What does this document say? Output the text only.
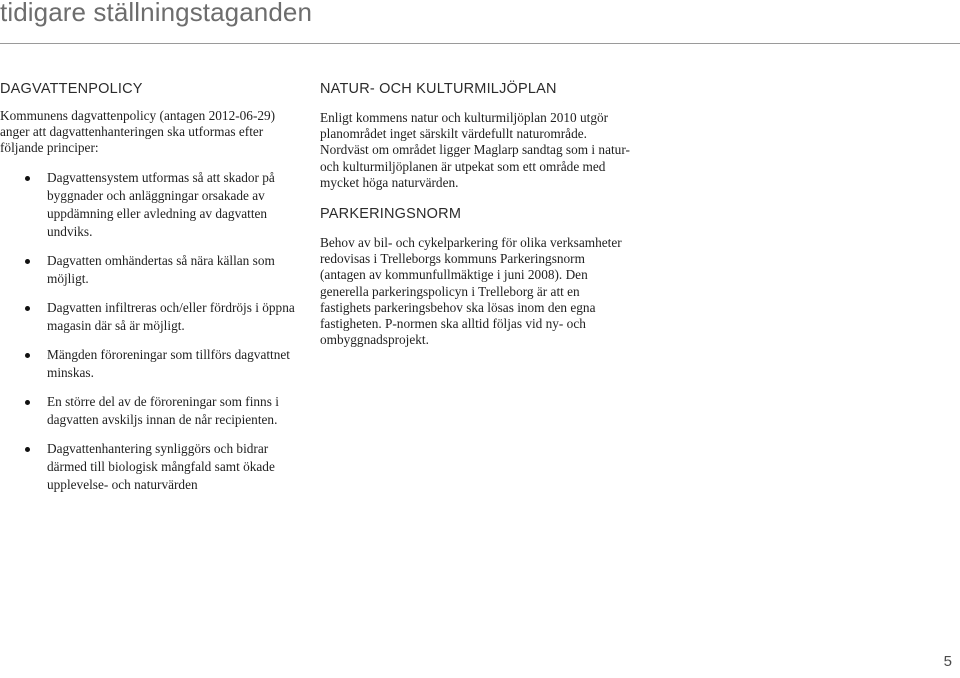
tidigare ställningstaganden
DAGVATTENPOLICY

Kommunens dagvattenpolicy (antagen 2012-06-29) anger att dagvattenhanteringen ska utformas efter följande principer:

Dagvattensystem utformas så att skador på byggnader och anläggningar orsakade av uppdämning eller avledning av dagvatten undviks.
Dagvatten omhändertas så nära källan som möjligt.
Dagvatten infiltreras och/eller fördröjs i öppna magasin där så är möjligt.
Mängden föroreningar som tillförs dagvattnet minskas.
En större del av de föroreningar som finns i dagvatten avskiljs innan de når recipienten.
Dagvattenhantering synliggörs och bidrar därmed till biologisk mångfald samt ökade upplevelse- och naturvärden
NATUR- OCH KULTURMILJÖPLAN

Enligt kommens natur och kulturmiljöplan 2010 utgör planområdet inget särskilt värdefullt naturområde. Nordväst om området ligger Maglarp sandtag som i natur- och kulturmiljöplanen är utpekat som ett område med mycket höga naturvärden.

PARKERINGSNORM

Behov av bil- och cykelparkering för olika verksamheter redovisas i Trelleborgs kommuns Parkeringsnorm (antagen av kommunfullmäktige i juni 2008). Den generella parkeringspolicyn i Trelleborg är att en fastighets parkeringsbehov ska lösas inom den egna fastigheten. P-normen ska alltid följas vid ny- och ombyggnadsprojekt.

5
